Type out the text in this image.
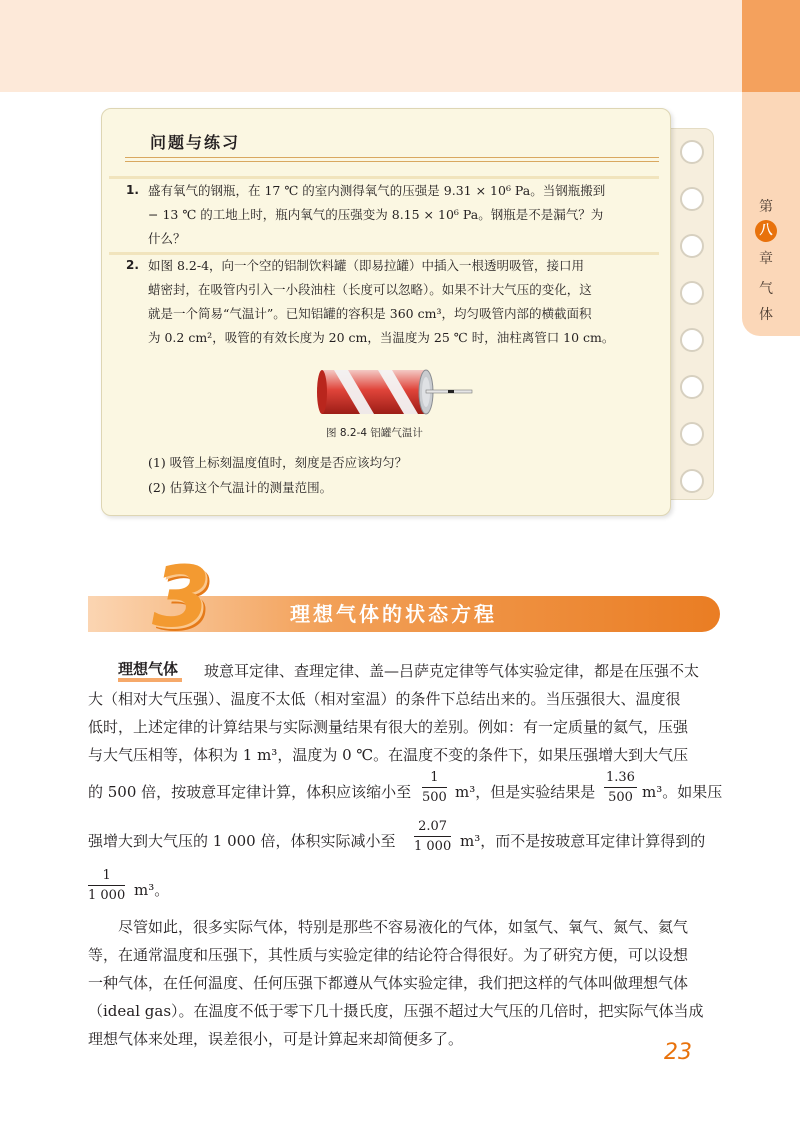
第
八
章
气
体
问题与练习
1. 盛有氧气的钢瓶，在 17 ℃ 的室内测得氧气的压强是 9.31 × 10⁶ Pa。当钢瓶搬到
− 13 ℃ 的工地上时，瓶内氧气的压强变为 8.15 × 10⁶ Pa。钢瓶是不是漏气？为
什么？
2. 如图 8.2-4，向一个空的铝制饮料罐（即易拉罐）中插入一根透明吸管，接口用
蜡密封，在吸管内引入一小段油柱（长度可以忽略）。如果不计大气压的变化，这
就是一个简易“气温计”。已知铝罐的容积是 360 cm³，均匀吸管内部的横截面积
为 0.2 cm²，吸管的有效长度为 20 cm，当温度为 25 ℃ 时，油柱离管口 10 cm。
图 8.2-4 铝罐气温计
(1) 吸管上标刻温度值时，刻度是否应该均匀？
(2) 估算这个气温计的测量范围。
3	理想气体的状态方程
理想气体 玻意耳定律、查理定律、盖—吕萨克定律等气体实验定律，都是在压强不太
大（相对大气压强）、温度不太低（相对室温）的条件下总结出来的。当压强很大、温度很
低时，上述定律的计算结果与实际测量结果有很大的差别。例如：有一定质量的氦气，压强
与大气压相等，体积为 1 m³，温度为 0 ℃。在温度不变的条件下，如果压强增大到大气压
的 500 倍，按玻意耳定律计算，体积应该缩小至 $\frac{1}{500} m^3$，但是实验结果是 $\frac{1.36}{500} m^3$。如果压
强增大到大气压的 1 000 倍，体积实际减小至 $\frac{2.07}{1 000} m^3$，而不是按玻意耳定律计算得到的
$\frac{1}{1 000} m^3$。
尽管如此，很多实际气体，特别是那些不容易液化的气体，如氢气、氧气、氮气、氦气
等，在通常温度和压强下，其性质与实验定律的结论符合得很好。为了研究方便，可以设想
一种气体，在任何温度、任何压强下都遵从气体实验定律，我们把这样的气体叫做理想气体
（ideal gas）。在温度不低于零下几十摄氏度，压强不超过大气压的几倍时，把实际气体当成
理想气体来处理，误差很小，可是计算起来却简便多了。
23
